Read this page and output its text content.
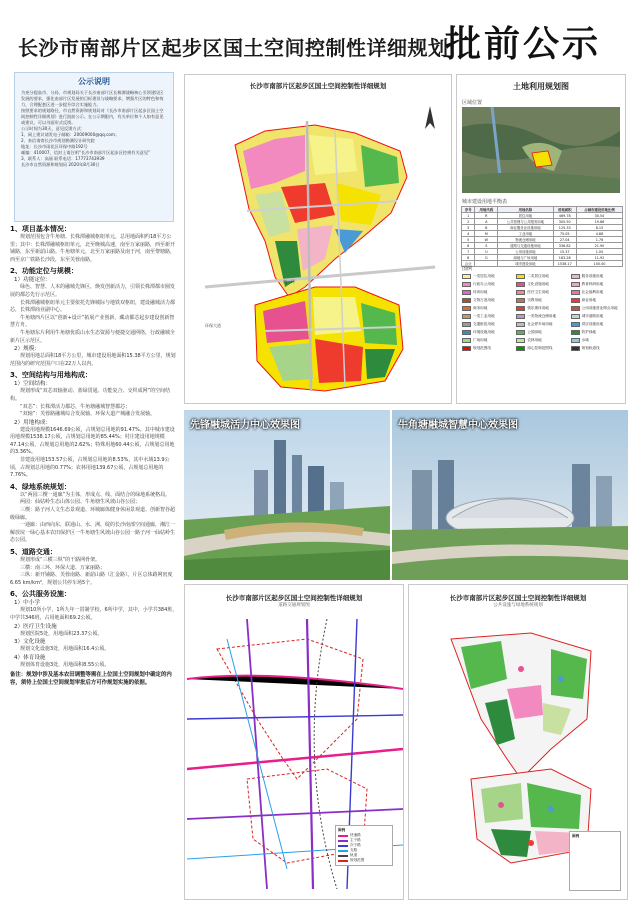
长沙市南部片区起步区国土空间控制性详细规划
批前公示
公示说明
为充分提高市、分局、市规划局关于长沙南部片区长株潭战略核心引领建设区发展的要求，强化南部片区发展的目标建设与战略要求，增强片区的特色和效力，合理配套区进一步提升综合实施能力。
按照要求的规划路径，市自然资源和规划局对《长沙市南部片区起步区国土空间控制性详细规划》进行批前公示。在公示期限内，有关单位和个人如有意见或建议，可以书面形式反馈。
公示时间为30天，意见反馈方式：
1、网上建议请发电子邮箱：20009000@qq.com；
2、来信请寄长沙市规划勘测设计研究院
地址：长沙市雨花区环保中路192号
邮编：410007，信封上请注明“长沙市南部片区起步区控规有关意见”
3、联系人：高丽 联系电话：17773743939
长沙市自然资源和规划局 2020年8月30日
1、项目基本情况：
规划范围包含牛角塘、长株潭融城枢纽单元，总用地面积约18平方公里；其中：长株潭融城枢纽单元，北至晚城高速，南至万家丽路，西至新开铺路，东至新韶山路。牛角塘单元，北至万家丽路及南于河，南至黎塘路，西至京广铁路长沙段，东至芙蓉南路。
2、功能定位与规模：
1）功能定位：
绿色、智慧、人本的融城先锋区，焕发创新活力，引领长株潭都市圈发展的都芯先行示范区。
长株潭融城枢纽单元主要依托先锋城际与地铁双枢纽，建设融城活力都芯，长株潭商业副中心。
牛角塘西片区以“创新+设计”拓展产业创新，藏动都芯起步建设创新智慧方舟。
牛角塘东片利用牛角塘优质山水生态资源与便捷交通网络，行政融城全新片区示范区。
2）规模：
规划用地总面积18平方公里，城市建设用地面积15.38平方公里，规划范围内的研究范围户口在22万人以内。
3、空间结构与用地构成：
1）空间结构：
规划形成“双芯双轴驱动、蓝绿贯通、功能复合、交织成网”的空间结构。
“双芯”：长株潭活力都芯，牛角塘融城智慧都芯；
“双轴”：芙蓉路融城综合发展轴、环保大道产城融合发展轴。
2）用地构成：
建设用地规模1646.69公顷，占规划总用地的91.47%。其中城市建设用地规模1538.17公顷，占规划总用地的85.44%；村庄建设用地规模47.14公顷，占规划总用地的2.62%；特殊用地60.44公顷，占规划总用地的3.36%。
非建设用地153.57公顷，占规划总用地的8.53%，其中水域13.9公顷，占规划总用地的0.77%；农林用地139.67公顷，占规划总用地的7.76%。
4、绿地系统规划：
以“两园三楔一通廊”为主体，形成点、线、面结合的绿地系统格局。
两园：仙姑岭生态山体公园、牛角塘生风坡山谷公园；
三楔：路子河人文生态景观道、环城廊体健身休闲景观道、创新智谷超级绿廊。
一通廊：由西向东，联通山、水、洲、绽的长沙南部空间通廊，湘江一解放垸一绿心基本农田保护区一牛角塘生风坡山谷公园一路子河一仙姑岭生态公园。
5、道路交通：
规划形成“三横三纵”的干路网骨架。
三横：南三环、环保大道、万家丽路；
三纵：新开铺路、芙蓉南路、新韶山路（汇金路）。片区总体路网密度6.65 km/km²，规划公共停车场5个。
6、公共服务设施：
1）中小学
规划10所小学，1所九年一贯制学校，6所中学，其中，小学共384班，中学共346班，占用地面积69.2公顷。
2）医疗卫生设施
规划医院5处，用地面积23.37公顷。
3）文化设施
规划文化设施3处，用地面积16.4公顷。
4）体育设施
规划体育设施3处，用地面积8.55公顷。
备注：规划中涉及基本农田调整等需在上位国土空间规划中确定的内容，须待上位国土空间规划审批后方可作规划实施的依据。
长沙市南部片区起步区国土空间控制性详细规划
南三环
环保大道
土地利用规划图
区域位置
城市建设用地平衡表
序号	用地代码	用地名称	用地面积	占城市建设用地比例
1	R	居住用地	469.78	30.54
2	A	公共管理与公共服务用地	305.50	19.86
3	B	商业服务业设施用地	125.33	8.15
4	M	工业用地	75.05	4.88
5	W	物流仓储用地	27.04	1.76
6	S	道路与交通设施用地	336.82	21.90
7	U	公用设施用地	15.37	1.00
8	G	绿地与广场用地	183.28	11.92
合计		城市建设用地	1538.17	100.00
图例
一类居住用地	二类居住用地	服务设施用地
行政办公用地	文化设施用地	教育科研用地
体育用地	医疗卫生用地	社会福利用地
文物古迹用地	宗教用地	商业用地
商务用地	娱乐康体用地	公用设施营业网点用地
一类工业用地	一类物流仓储用地	城市道路用地
交通枢纽用地	社会停车场用地	供应设施用地
环境设施用地	公园绿地	防护绿地
广场用地	农林用地	水域
规划范围线	绿心控制范围线	规划轨道线
先锋融城活力中心效果图	牛角塘融城智慧中心效果图
长沙市南部片区起步区国土空间控制性详细规划
道路交通规划图
图例
快速路
主干路
次干路
支路
轨道
规划范围
长沙市南部片区起步区国土空间控制性详细规划
公共设施与绿地系统规划
图例
